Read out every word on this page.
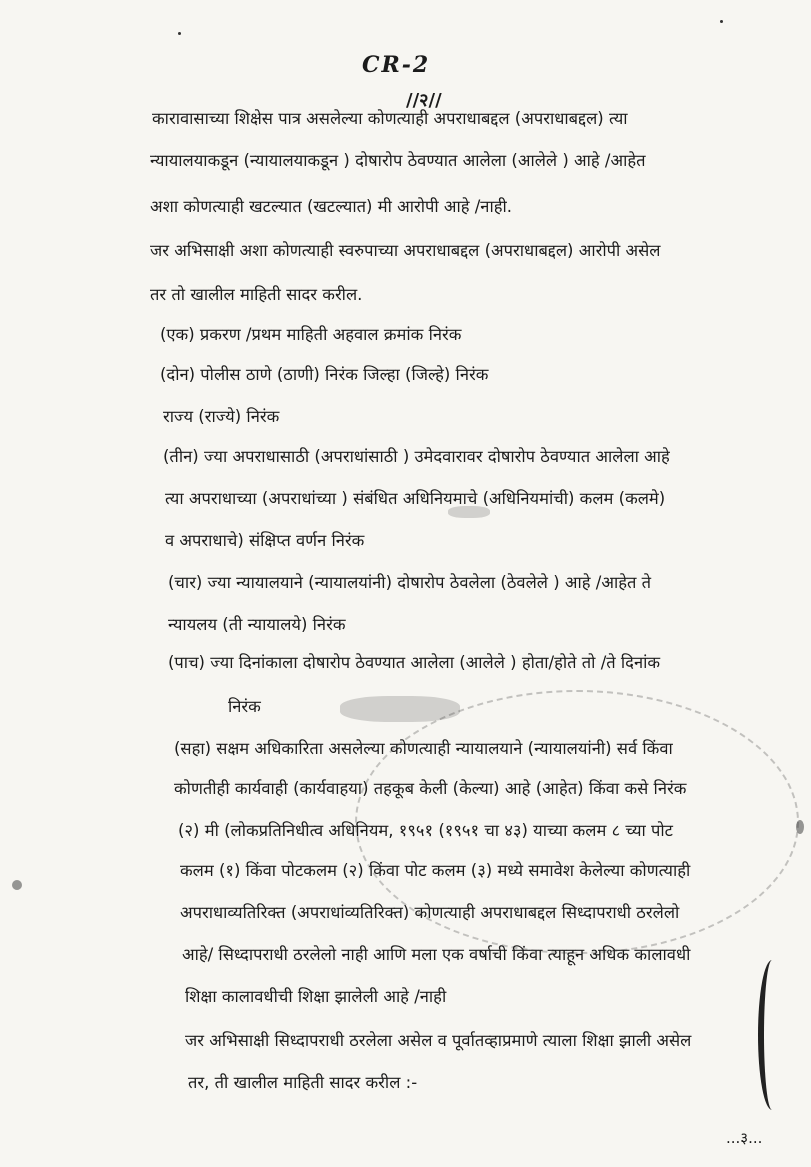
CR-2
//२//
कारावासाच्या शिक्षेस पात्र असलेल्या कोणत्याही अपराधाबद्दल (अपराधाबद्दल) त्या
न्यायालयाकडून (न्यायालयाकडून ) दोषारोप ठेवण्यात आलेला (आलेले ) आहे /आहेत
अशा कोणत्याही खटल्यात (खटल्यात) मी आरोपी आहे /नाही.
जर अभिसाक्षी अशा कोणत्याही स्वरुपाच्या अपराधाबद्दल (अपराधाबद्दल) आरोपी असेल
तर तो खालील माहिती सादर करील.
(एक) प्रकरण /प्रथम माहिती अहवाल क्रमांक निरंक
(दोन) पोलीस ठाणे (ठाणी) निरंक जिल्हा (जिल्हे) निरंक
राज्य (राज्ये) निरंक
(तीन) ज्या अपराधासाठी (अपराधांसाठी ) उमेदवारावर दोषारोप ठेवण्यात आलेला आहे
त्या अपराधाच्या (अपराधांच्या ) संबंधित अधिनियमाचे (अधिनियमांची) कलम (कलमे)
व अपराधाचे) संक्षिप्त वर्णन निरंक
(चार) ज्या न्यायालयाने (न्यायालयांनी) दोषारोप ठेवलेला (ठेवलेले ) आहे /आहेत ते
न्यायलय (ती न्यायालये) निरंक
(पाच) ज्या दिनांकाला दोषारोप ठेवण्यात आलेला (आलेले ) होता/होते तो /ते दिनांक
निरंक
(सहा) सक्षम अधिकारिता असलेल्या कोणत्याही न्यायालयाने (न्यायालयांनी) सर्व किंवा
कोणतीही कार्यवाही (कार्यवाहया) तहकूब केली (केल्या) आहे (आहेत) किंवा कसे निरंक
(२) मी (लोकप्रतिनिधीत्व अधिनियम, १९५१ (१९५१ चा ४३) याच्या कलम ८ च्या पोट
कलम (१) किंवा पोटकलम (२) किंवा पोट कलम (३) मध्ये समावेश केलेल्या कोणत्याही
अपराधाव्यतिरिक्त (अपराधांव्यतिरिक्त) कोणत्याही अपराधाबद्दल सिध्दापराधी ठरलेलो
आहे/ सिध्दापराधी ठरलेलो नाही आणि मला एक वर्षाची किंवा त्याहून अधिक कालावधी
शिक्षा कालावधीची शिक्षा झालेली आहे /नाही
जर अभिसाक्षी सिध्दापराधी ठरलेला असेल व पूर्वातव्हाप्रमाणे त्याला शिक्षा झाली असेल
तर, ती खालील माहिती सादर करील :-
...३...
